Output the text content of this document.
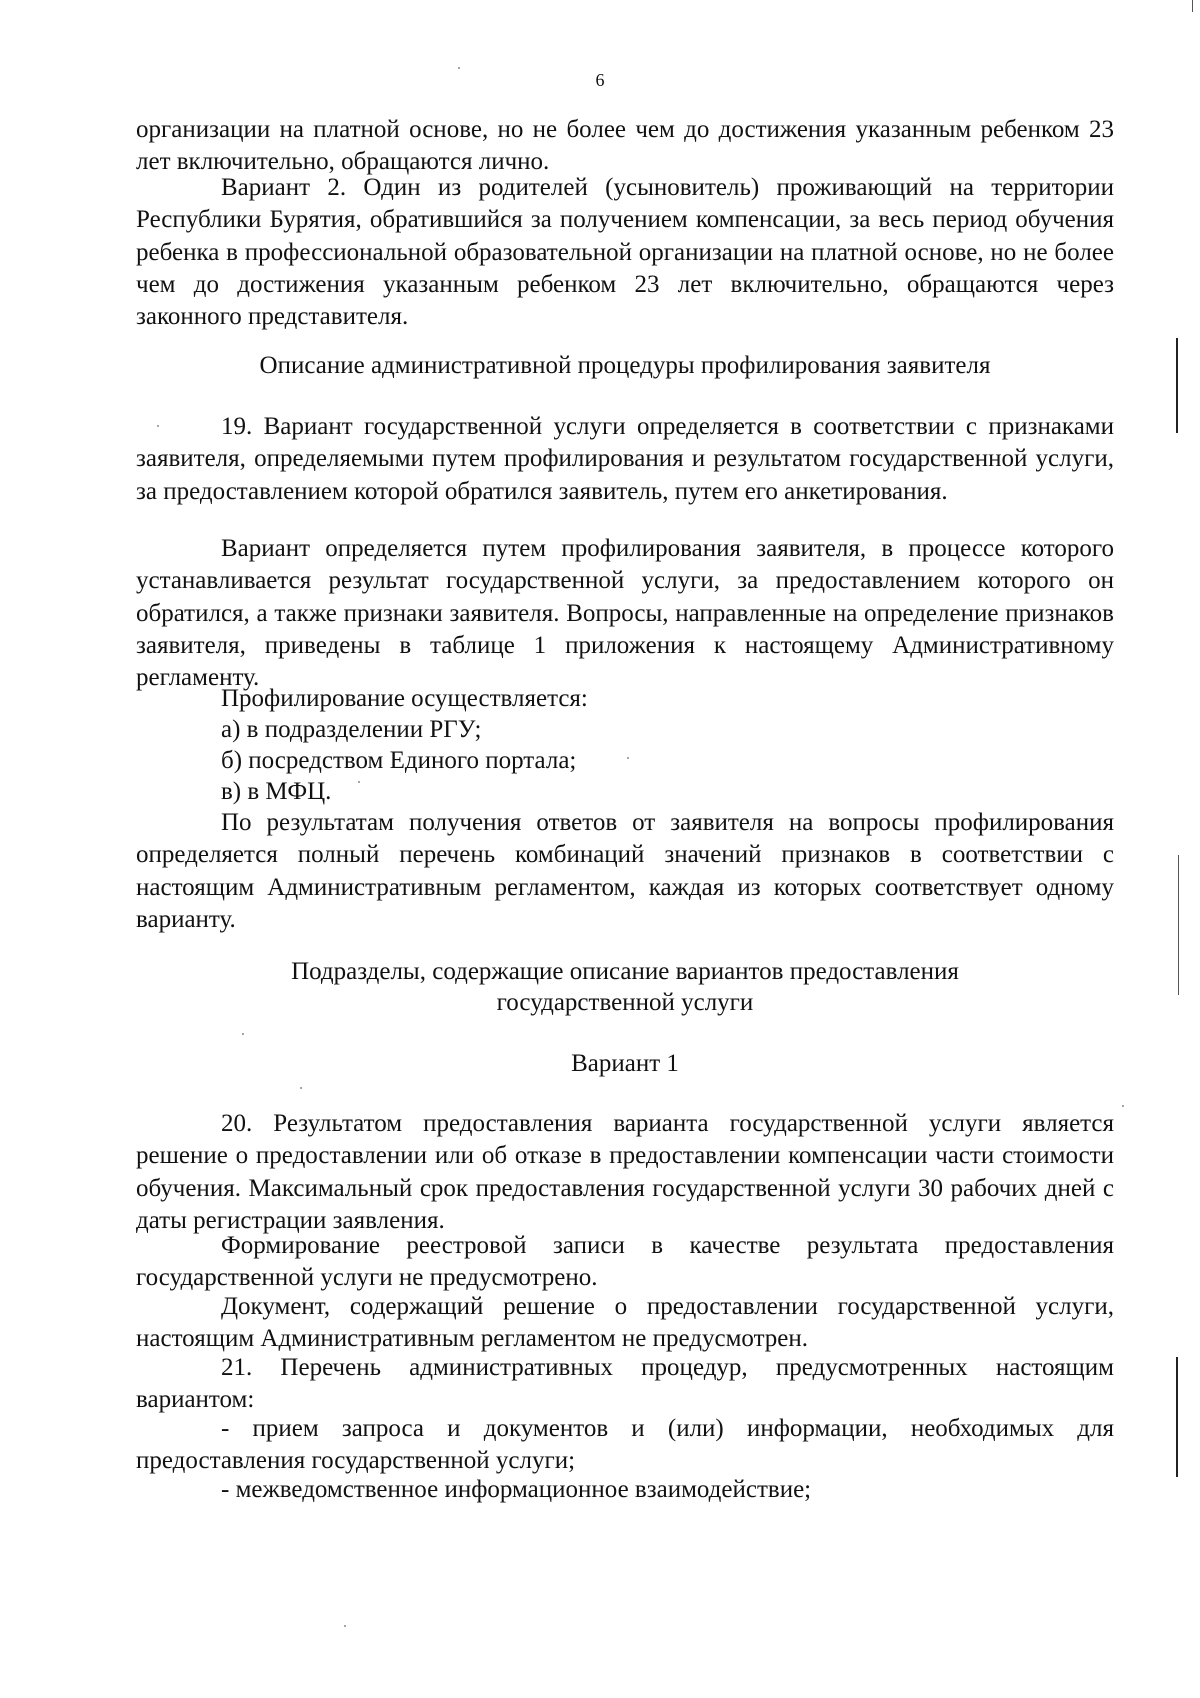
6

организации на платной основе, но не более чем до достижения указанным ребенком 23 лет включительно, обращаются лично.

Вариант 2. Один из родителей (усыновитель) проживающий на территории Республики Бурятия, обратившийся за получением компенсации, за весь период обучения ребенка в профессиональной образовательной организации на платной основе, но не более чем до достижения указанным ребенком 23 лет включительно, обращаются через законного представителя.

Описание административной процедуры профилирования заявителя

19. Вариант государственной услуги определяется в соответствии с признаками заявителя, определяемыми путем профилирования и результатом государственной услуги, за предоставлением которой обратился заявитель, путем его анкетирования.

Вариант определяется путем профилирования заявителя, в процессе которого устанавливается результат государственной услуги, за предоставлением которого он обратился, а также признаки заявителя. Вопросы, направленные на определение признаков заявителя, приведены в таблице 1 приложения к настоящему Административному регламенту.

Профилирование осуществляется:

а) в подразделении РГУ;

б) посредством Единого портала;

в) в МФЦ.

По результатам получения ответов от заявителя на вопросы профилирования определяется полный перечень комбинаций значений признаков в соответствии с настоящим Административным регламентом, каждая из которых соответствует одному варианту.

Подразделы, содержащие описание вариантов предоставления

государственной услуги

Вариант 1

20. Результатом предоставления варианта государственной услуги является решение о предоставлении или об отказе в предоставлении компенсации части стоимости обучения. Максимальный срок предоставления государственной услуги 30 рабочих дней с даты регистрации заявления.

Формирование реестровой записи в качестве результата предоставления государственной услуги не предусмотрено.

Документ, содержащий решение о предоставлении государственной услуги, настоящим Административным регламентом не предусмотрен.

21. Перечень административных процедур, предусмотренных настоящим вариантом:

- прием запроса и документов и (или) информации, необходимых для предоставления государственной услуги;

- межведомственное информационное взаимодействие;
